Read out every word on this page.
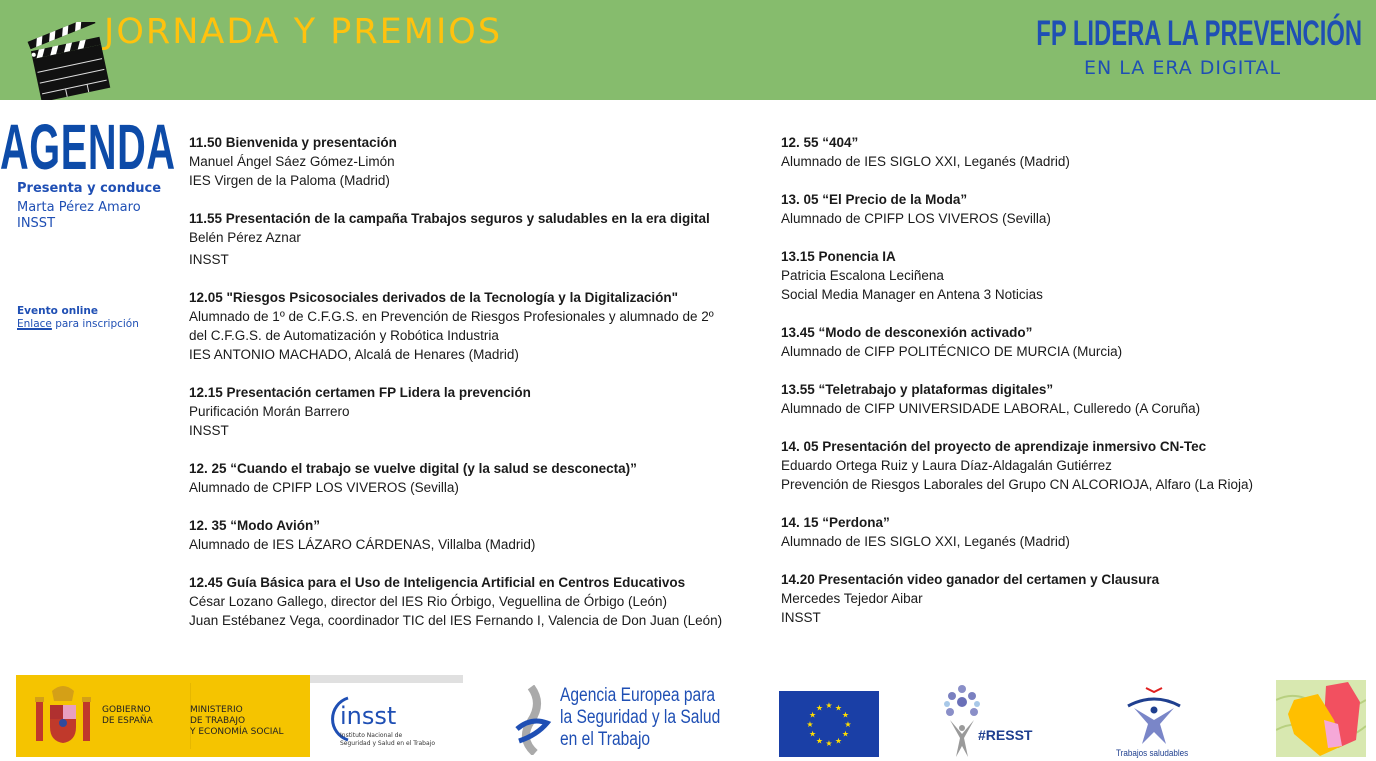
JORNADA Y PREMIOS	FP LIDERA LA PREVENCIÓN
EN LA ERA DIGITAL
AGENDA
Presenta y conduce
Marta Pérez Amaro
INSST
Evento online
Enlace para inscripción
11.50 Bienvenida y presentación
Manuel Ángel Sáez Gómez-Limón
IES Virgen de la Paloma (Madrid)
11.55 Presentación de la campaña Trabajos seguros y saludables en la era digital
Belén Pérez Aznar
INSST
12.05 "Riesgos Psicosociales derivados de la Tecnología y la Digitalización"
Alumnado de 1º de C.F.G.S. en Prevención de Riesgos Profesionales y alumnado de 2º
del C.F.G.S. de Automatización y Robótica Industria
IES ANTONIO MACHADO, Alcalá de Henares (Madrid)
12.15 Presentación certamen FP Lidera la prevención
Purificación Morán Barrero
INSST
12. 25 “Cuando el trabajo se vuelve digital (y la salud se desconecta)”
Alumnado de CPIFP LOS VIVEROS (Sevilla)
12. 35 “Modo Avión”
Alumnado de IES LÁZARO CÁRDENAS, Villalba (Madrid)
12.45 Guía Básica para el Uso de Inteligencia Artificial en Centros Educativos
César Lozano Gallego, director del IES Rio Órbigo, Veguellina de Órbigo (León)
Juan Estébanez Vega, coordinador TIC del IES Fernando I, Valencia de Don Juan (León)
12. 55 “404”
Alumnado de IES SIGLO XXI, Leganés (Madrid)
13. 05 “El Precio de la Moda”
Alumnado de CPIFP LOS VIVEROS (Sevilla)
13.15 Ponencia IA
Patricia Escalona Leciñena
Social Media Manager en Antena 3 Noticias
13.45 “Modo de desconexión activado”
Alumnado de CIFP POLITÉCNICO DE MURCIA (Murcia)
13.55 “Teletrabajo y plataformas digitales”
Alumnado de CIFP UNIVERSIDADE LABORAL, Culleredo (A Coruña)
14. 05 Presentación del proyecto de aprendizaje inmersivo CN-Tec
Eduardo Ortega Ruiz y Laura Díaz-Aldagalán Gutiérrez
Prevención de Riesgos Laborales del Grupo CN ALCORIOJA, Alfaro (La Rioja)
14. 15 “Perdona”
Alumnado de IES SIGLO XXI, Leganés (Madrid)
14.20 Presentación video ganador del certamen y Clausura
Mercedes Tejedor Aibar
INSST
GOBIERNO
DE ESPAÑA
MINISTERIO
DE TRABAJO
Y ECONOMÍA SOCIAL
insst
Instituto Nacional de
Seguridad y Salud en el Trabajo
Agencia Europea para
la Seguridad y la Salud
en el Trabajo
★ ★
★
★
★
★
★
★
★
★
★
★
#RESST
Trabajos saludables
